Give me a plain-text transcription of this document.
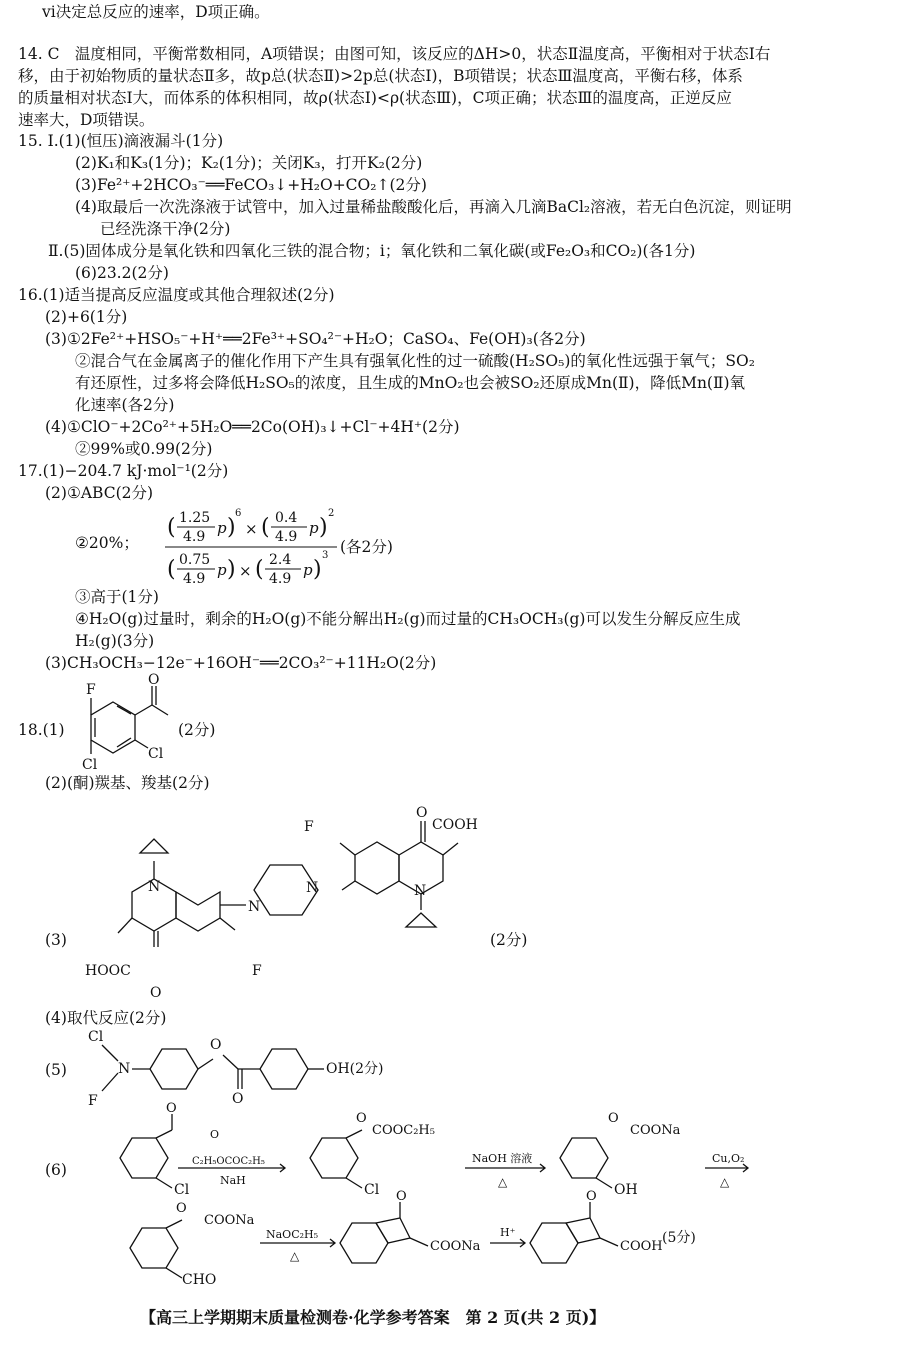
ⅵ决定总反应的速率，D项正确。
14. C　温度相同，平衡常数相同，A项错误；由图可知，该反应的ΔH>0，状态Ⅱ温度高，平衡相对于状态Ⅰ右
移，由于初始物质的量状态Ⅱ多，故p总(状态Ⅱ)>2p总(状态Ⅰ)，B项错误；状态Ⅲ温度高，平衡右移，体系
的质量相对状态Ⅰ大，而体系的体积相同，故ρ(状态Ⅰ)<ρ(状态Ⅲ)，C项正确；状态Ⅲ的温度高，正逆反应
速率大，D项错误。
15. Ⅰ.(1)(恒压)滴液漏斗(1分)
(2)K₁和K₃(1分)；K₂(1分)；关闭K₃，打开K₂(2分)
(3)Fe²⁺+2HCO₃⁻══FeCO₃↓+H₂O+CO₂↑(2分)
(4)取最后一次洗涤液于试管中，加入过量稀盐酸酸化后，再滴入几滴BaCl₂溶液，若无白色沉淀，则证明
已经洗涤干净(2分)
Ⅱ.(5)固体成分是氧化铁和四氧化三铁的混合物；ⅰ；氧化铁和二氧化碳(或Fe₂O₃和CO₂)(各1分)
(6)23.2(2分)
16.(1)适当提高反应温度或其他合理叙述(2分)
(2)+6(1分)
(3)①2Fe²⁺+HSO₅⁻+H⁺══2Fe³⁺+SO₄²⁻+H₂O；CaSO₄、Fe(OH)₃(各2分)
②混合气在金属离子的催化作用下产生具有强氧化性的过一硫酸(H₂SO₅)的氧化性远强于氧气；SO₂
有还原性，过多将会降低H₂SO₅的浓度，且生成的MnO₂也会被SO₂还原成Mn(Ⅱ)，降低Mn(Ⅱ)氧
化速率(各2分)
(4)①ClO⁻+2Co²⁺+5H₂O══2Co(OH)₃↓+Cl⁻+4H⁺(2分)
②99%或0.99(2分)
17.(1)−204.7 kJ·mol⁻¹(2分)
(2)①ABC(2分)
③高于(1分)
④H₂O(g)过量时，剩余的H₂O(g)不能分解出H₂(g)而过量的CH₃OCH₃(g)可以发生分解反应生成
H₂(g)(3分)
(3)CH₃OCH₃−12e⁻+16OH⁻══2CO₃²⁻+11H₂O(2分)
18.(1)	(2分)
(2)(酮)羰基、羧基(2分)
(3)	(2分)
(4)取代反应(2分)
(5)
(6)
②20%；
( 1.25
4.9 p )
6
× ( 0.4
4.9 p )
2
( 0.75
4.9 p ) × ( 2.4
4.9 p )
3 (各2分)
F
O
Cl
Cl
O
COOH
F
N
N
N
N
HOOC
O
F
Cl
N
F
O
O
OH(2分)
O
Cl
O
C₂H₅OCOC₂H₅
NaH
O
COOC₂H₅
Cl
NaOH 溶液
△
O
COONa
OH
Cu,O₂
△
O
COONa
CHO
NaOC₂H₅
△
O
COONa
H⁺
O
COOH
(5分)
【高三上学期期末质量检测卷·化学参考答案　第 2 页(共 2 页)】
